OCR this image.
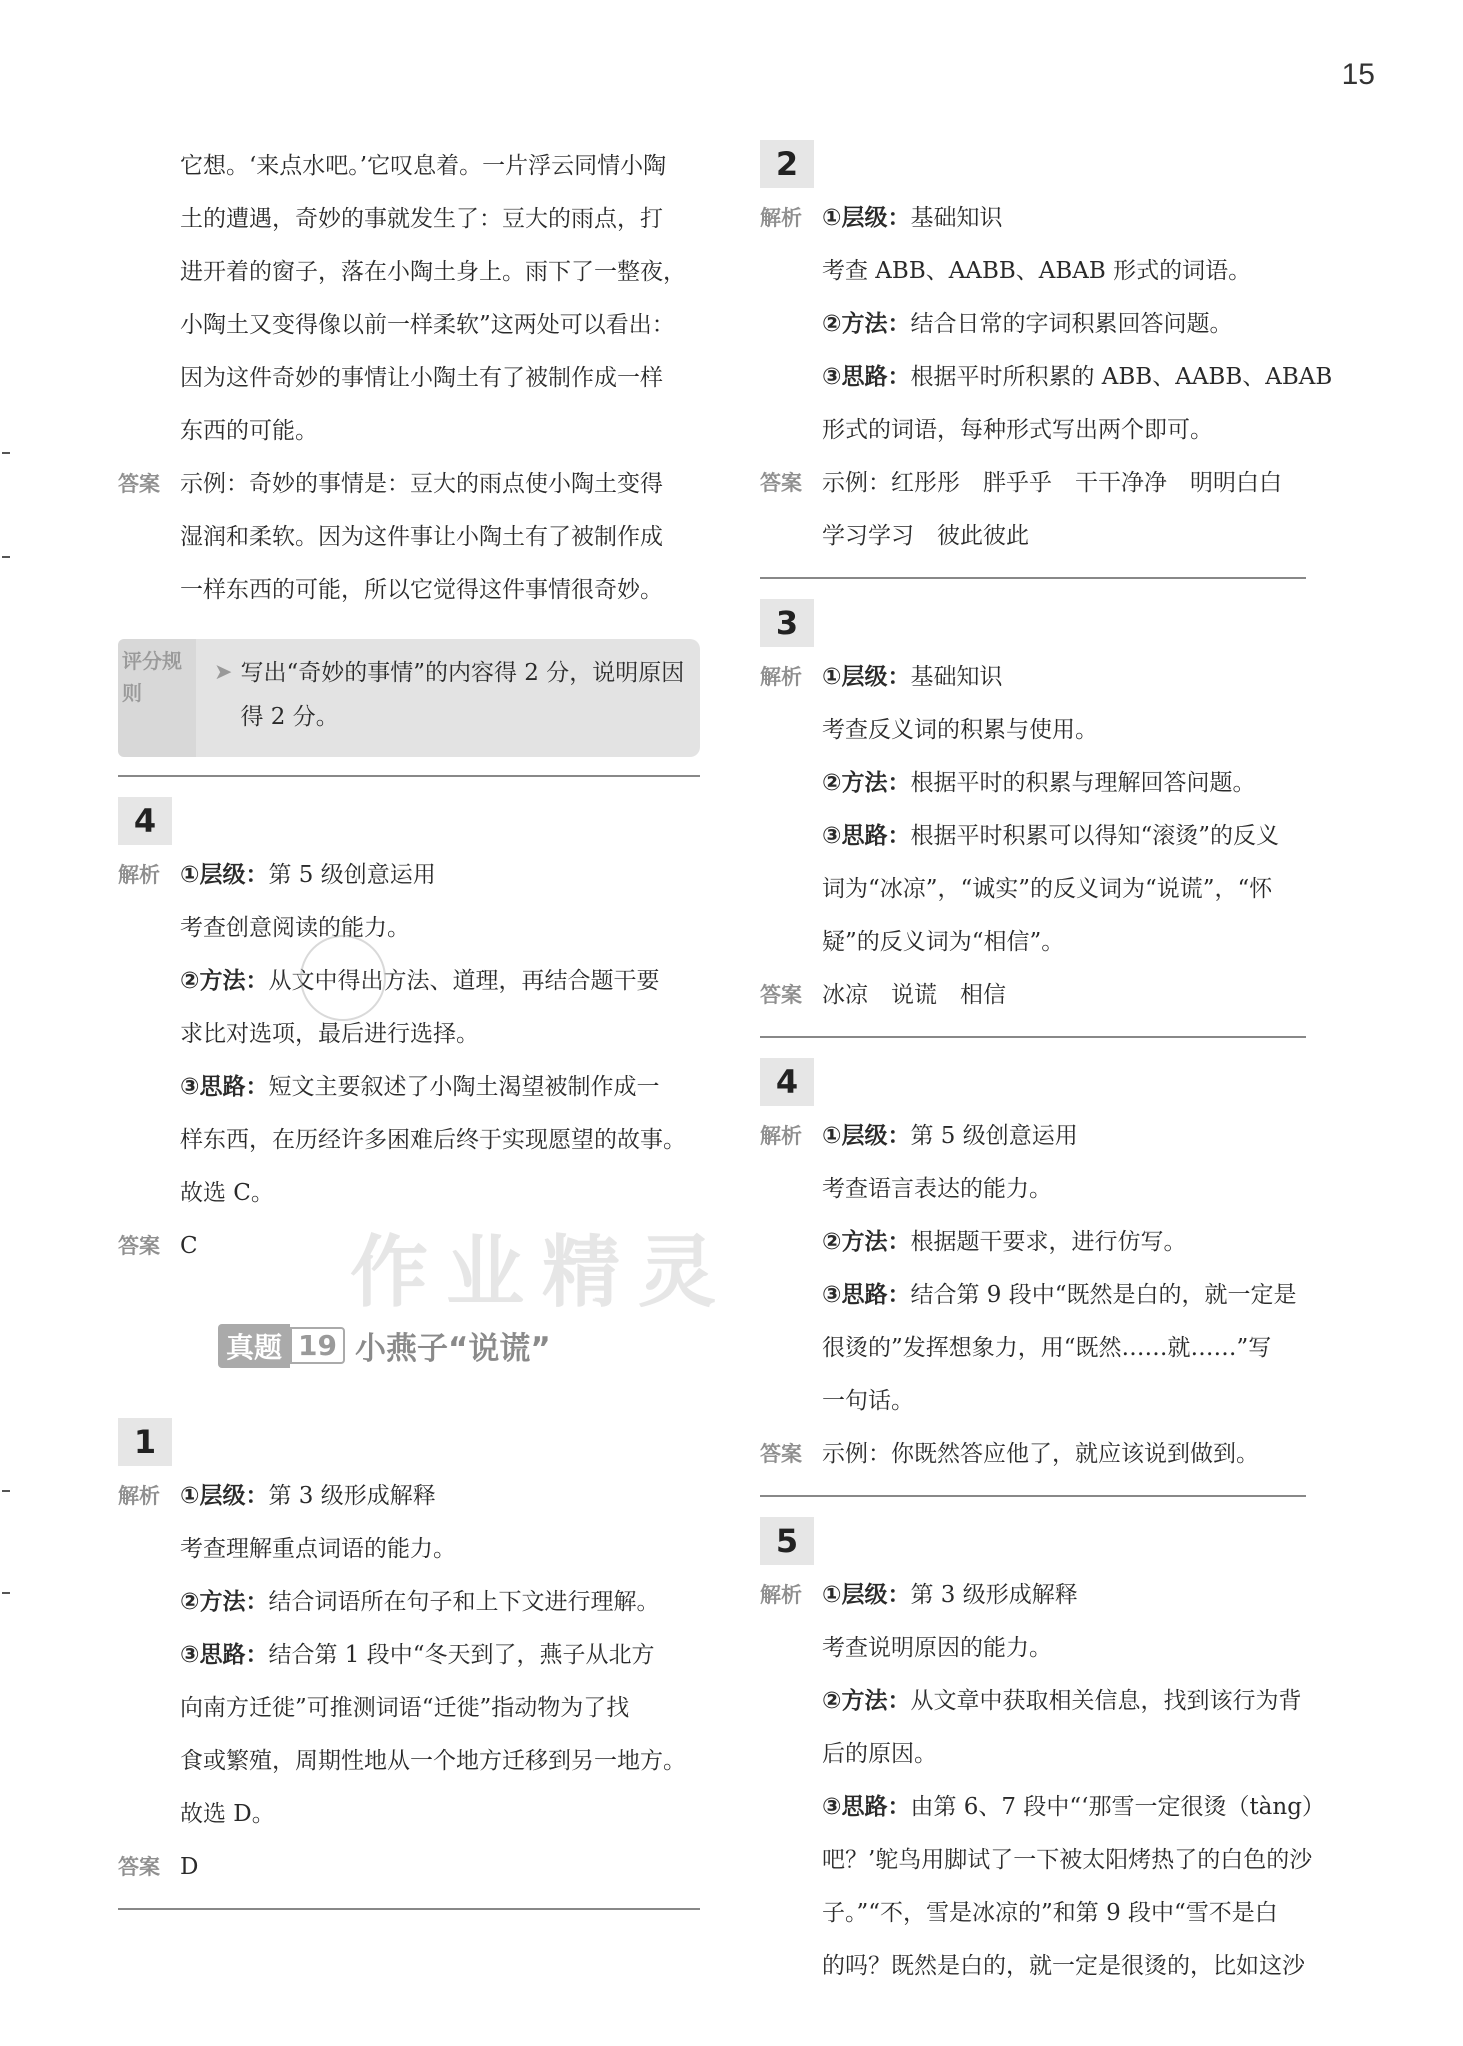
15
它想。‘来点水吧。’它叹息着。一片浮云同情小陶
土的遭遇，奇妙的事就发生了：豆大的雨点，打
进开着的窗子，落在小陶土身上。雨下了一整夜，
小陶土又变得像以前一样柔软”这两处可以看出：
因为这件奇妙的事情让小陶土有了被制作成一样
东西的可能。
答案 示例：奇妙的事情是：豆大的雨点使小陶土变得
湿润和柔软。因为这件事让小陶土有了被制作成
一样东西的可能，所以它觉得这件事情很奇妙。
评分规则
➤ 写出“奇妙的事情”的内容得 2 分，说明原因得 2 分。
4
解析 ①层级：第 5 级创意运用
考查创意阅读的能力。
②方法：从文中得出方法、道理，再结合题干要
求比对选项，最后进行选择。
③思路：短文主要叙述了小陶土渴望被制作成一
样东西，在历经许多困难后终于实现愿望的故事。
故选 C。
答案 C
真题 19 小燕子“说谎”
1
解析 ①层级：第 3 级形成解释
考查理解重点词语的能力。
②方法：结合词语所在句子和上下文进行理解。
③思路：结合第 1 段中“冬天到了，燕子从北方
向南方迁徙”可推测词语“迁徙”指动物为了找
食或繁殖，周期性地从一个地方迁移到另一地方。
故选 D。
答案 D
2
解析 ①层级：基础知识
考查 ABB、AABB、ABAB 形式的词语。
②方法：结合日常的字词积累回答问题。
③思路：根据平时所积累的 ABB、AABB、ABAB
形式的词语，每种形式写出两个即可。
答案 示例：红彤彤　胖乎乎　干干净净　明明白白
学习学习　彼此彼此
3
解析 ①层级：基础知识
考查反义词的积累与使用。
②方法：根据平时的积累与理解回答问题。
③思路：根据平时积累可以得知“滚烫”的反义
词为“冰凉”，“诚实”的反义词为“说谎”，“怀
疑”的反义词为“相信”。
答案 冰凉　说谎　相信
4
解析 ①层级：第 5 级创意运用
考查语言表达的能力。
②方法：根据题干要求，进行仿写。
③思路：结合第 9 段中“既然是白的，就一定是
很烫的”发挥想象力，用“既然……就……”写
一句话。
答案 示例：你既然答应他了，就应该说到做到。
5
解析 ①层级：第 3 级形成解释
考查说明原因的能力。
②方法：从文章中获取相关信息，找到该行为背
后的原因。
③思路：由第 6、7 段中“‘那雪一定很烫（tàng）
吧？’鸵鸟用脚试了一下被太阳烤热了的白色的沙
子。”“不，雪是冰凉的”和第 9 段中“雪不是白
的吗？既然是白的，就一定是很烫的，比如这沙
作业精灵
